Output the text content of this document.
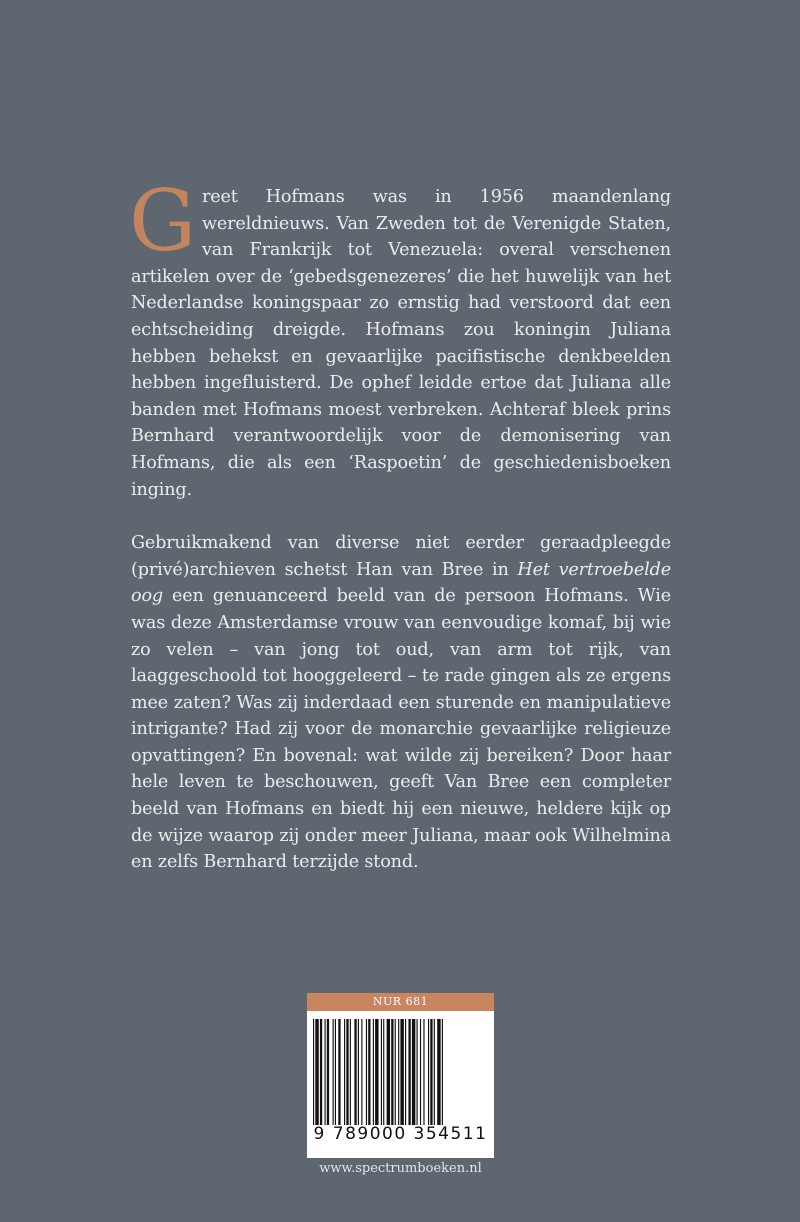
Greet Hofmans was in 1956 maandenlang wereldnieuws. Van Zweden tot de Verenigde Staten, van Frankrijk tot Venezuela: overal verschenen artikelen over de ‘gebedsgenezeres’ die het huwelijk van het Nederlandse koningspaar zo ernstig had verstoord dat een echtscheiding dreigde. Hofmans zou koningin Juliana hebben behekst en gevaarlijke pacifistische denkbeelden hebben ingefluisterd. De ophef leidde ertoe dat Juliana alle banden met Hofmans moest verbreken. Achteraf bleek prins Bernhard verantwoordelijk voor de demonisering van Hofmans, die als een ‘Raspoetin’ de geschiedenisboeken inging.

Gebruikmakend van diverse niet eerder geraadpleegde (privé)archieven schetst Han van Bree in Het vertroebelde oog een genuanceerd beeld van de persoon Hofmans. Wie was deze Amsterdamse vrouw van eenvoudige komaf, bij wie zo velen – van jong tot oud, van arm tot rijk, van laaggeschoold tot hooggeleerd – te rade gingen als ze ergens mee zaten? Was zij inderdaad een sturende en manipulatieve intrigante? Had zij voor de monarchie gevaarlijke religieuze opvattingen? En bovenal: wat wilde zij bereiken? Door haar hele leven te beschouwen, geeft Van Bree een completer beeld van Hofmans en biedt hij een nieuwe, heldere kijk op de wijze waarop zij onder meer Juliana, maar ook Wilhelmina en zelfs Bernhard terzijde stond.

NUR 681
9 789000 354511
www.spectrumboeken.nl
